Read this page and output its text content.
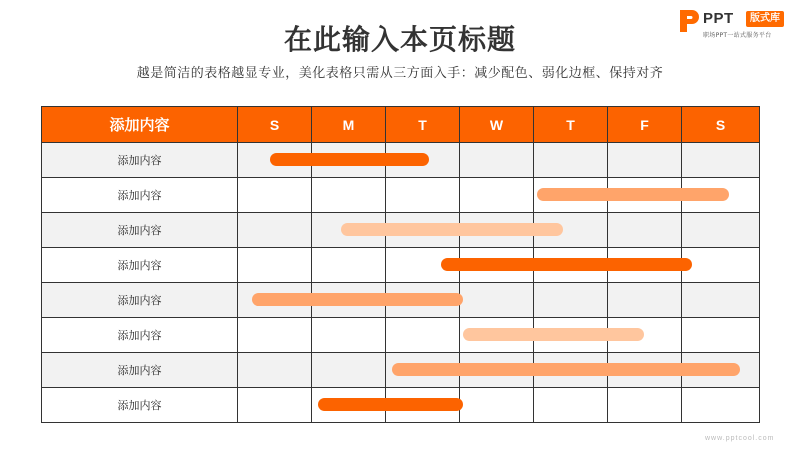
在此输入本页标题
越是简洁的表格越显专业，美化表格只需从三方面入手：减少配色、弱化边框、保持对齐
PPT	版式库
职场PPT一站式服务平台
添加内容	S	M	T	W	T	F	S
添加内容							
添加内容							
添加内容							
添加内容							
添加内容							
添加内容							
添加内容							
添加内容							
www.pptcool.com
